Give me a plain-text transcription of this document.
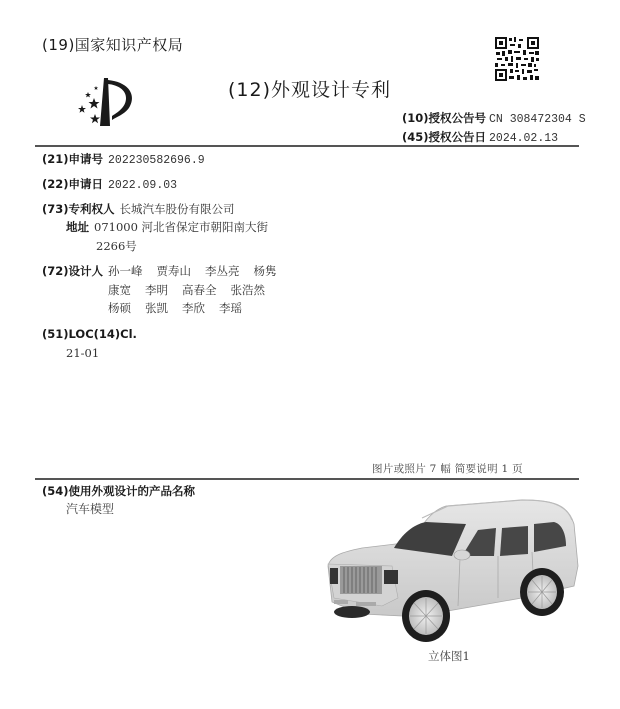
(19)国家知识产权局
(12)外观设计专利
(10)授权公告号 CN 308472304 S
(45)授权公告日 2024.02.13
(21)申请号 202230582696.9
(22)申请日 2022.09.03
(73)专利权人 长城汽车股份有限公司
地址 071000 河北省保定市朝阳南大街
2266号
(72)设计人 孙一峰 贾寿山 李丛亮 杨隽
康宽 李明 高春全 张浩然
杨硕 张凯 李欣 李瑶
(51)LOC(14)Cl.
21-01
图片或照片 7 幅 简要说明 1 页
(54)使用外观设计的产品名称
汽车模型
立体图1
